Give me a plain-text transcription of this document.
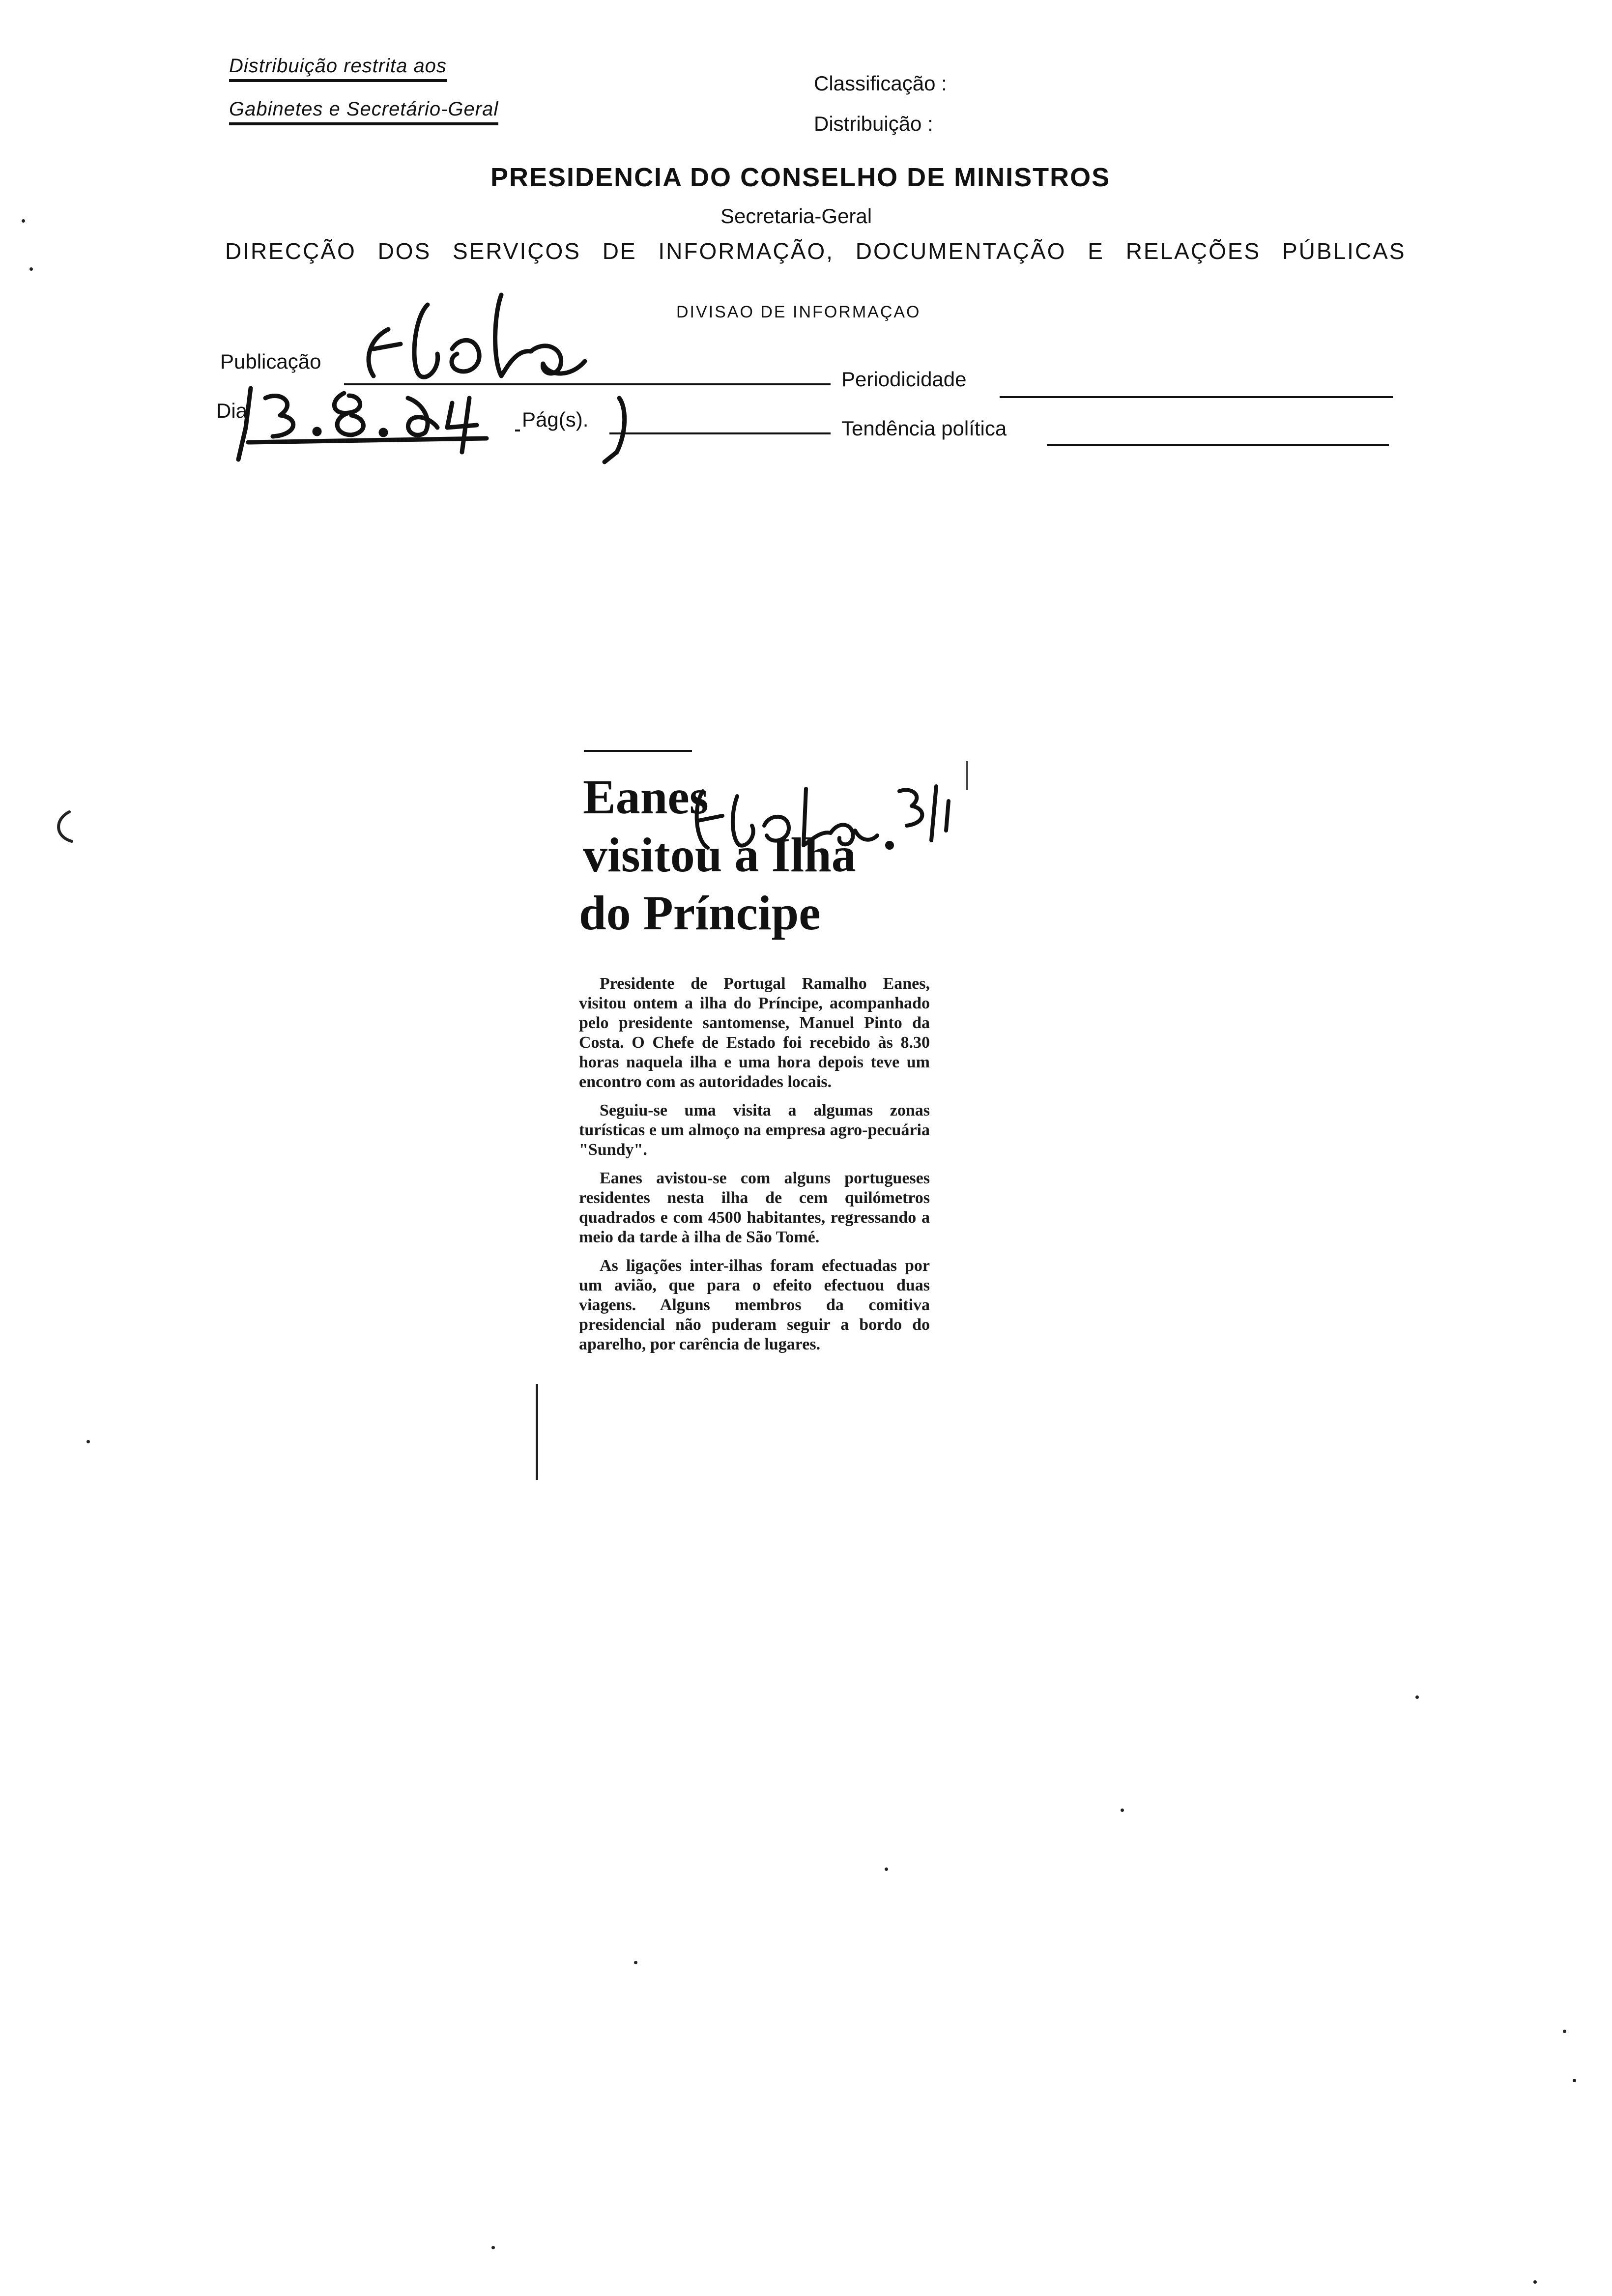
Distribuição restrita aos
Gabinetes e Secretário-Geral
Classificação :
Distribuição :
PRESIDENCIA DO CONSELHO DE MINISTROS
Secretaria-Geral
DIRECÇÃO DOS SERVIÇOS DE INFORMAÇÃO, DOCUMENTAÇÃO E RELAÇÕES PÚBLICAS
DIVISAO DE INFORMAÇAO
Publicação
Periodicidade
Dia	Pág(s).	Tendência política
Eanes
visitou a Ilha
do Príncipe

Presidente de Portugal Ramalho Eanes, visitou ontem a ilha do Príncipe, acompanhado pelo presidente santomense, Manuel Pinto da Costa. O Chefe de Estado foi recebido às 8.30 horas naquela ilha e uma hora depois teve um encontro com as autoridades locais.

Seguiu-se uma visita a algumas zonas turísticas e um almoço na empresa agro-pecuária "Sundy".

Eanes avistou-se com alguns portugueses residentes nesta ilha de cem quilómetros quadrados e com 4500 habitantes, regressando a meio da tarde à ilha de São Tomé.

As ligações inter-ilhas foram efectuadas por um avião, que para o efeito efectuou duas viagens. Alguns membros da comitiva presidencial não puderam seguir a bordo do aparelho, por carência de lugares.
